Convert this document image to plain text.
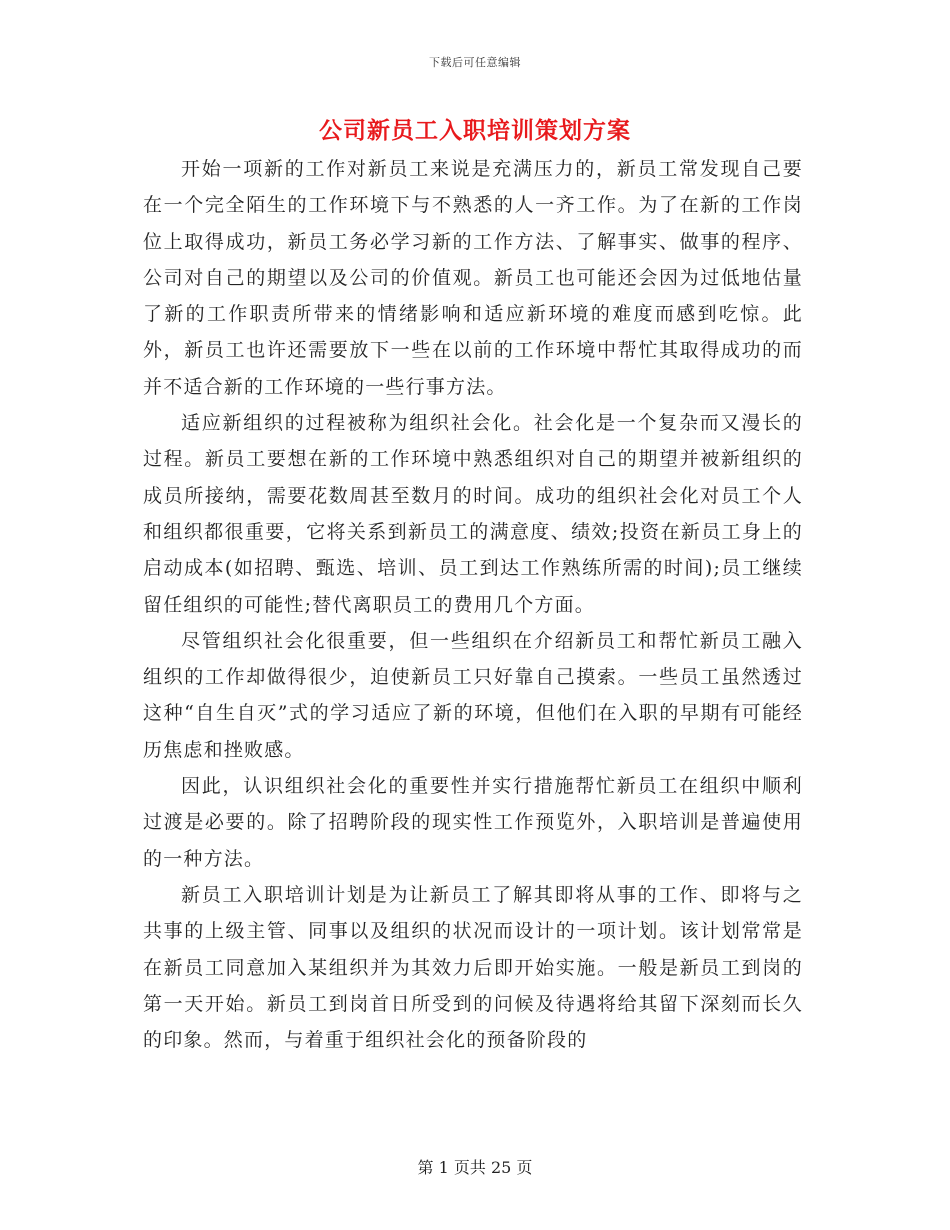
下载后可任意编辑
公司新员工入职培训策划方案

开始一项新的工作对新员工来说是充满压力的，新员工常发现自己要在一个完全陌生的工作环境下与不熟悉的人一齐工作。为了在新的工作岗位上取得成功，新员工务必学习新的工作方法、了解事实、做事的程序、公司对自己的期望以及公司的价值观。新员工也可能还会因为过低地估量了新的工作职责所带来的情绪影响和适应新环境的难度而感到吃惊。此外，新员工也许还需要放下一些在以前的工作环境中帮忙其取得成功的而并不适合新的工作环境的一些行事方法。

适应新组织的过程被称为组织社会化。社会化是一个复杂而又漫长的过程。新员工要想在新的工作环境中熟悉组织对自己的期望并被新组织的成员所接纳，需要花数周甚至数月的时间。成功的组织社会化对员工个人和组织都很重要，它将关系到新员工的满意度、绩效;投资在新员工身上的启动成本(如招聘、甄选、培训、员工到达工作熟练所需的时间);员工继续留任组织的可能性;替代离职员工的费用几个方面。

尽管组织社会化很重要，但一些组织在介绍新员工和帮忙新员工融入组织的工作却做得很少，迫使新员工只好靠自己摸索。一些员工虽然透过这种“自生自灭”式的学习适应了新的环境，但他们在入职的早期有可能经历焦虑和挫败感。

因此，认识组织社会化的重要性并实行措施帮忙新员工在组织中顺利过渡是必要的。除了招聘阶段的现实性工作预览外，入职培训是普遍使用的一种方法。

新员工入职培训计划是为让新员工了解其即将从事的工作、即将与之共事的上级主管、同事以及组织的状况而设计的一项计划。该计划常常是在新员工同意加入某组织并为其效力后即开始实施。一般是新员工到岗的第一天开始。新员工到岗首日所受到的问候及待遇将给其留下深刻而长久的印象。然而，与着重于组织社会化的预备阶段的

第 1 页共 25 页
